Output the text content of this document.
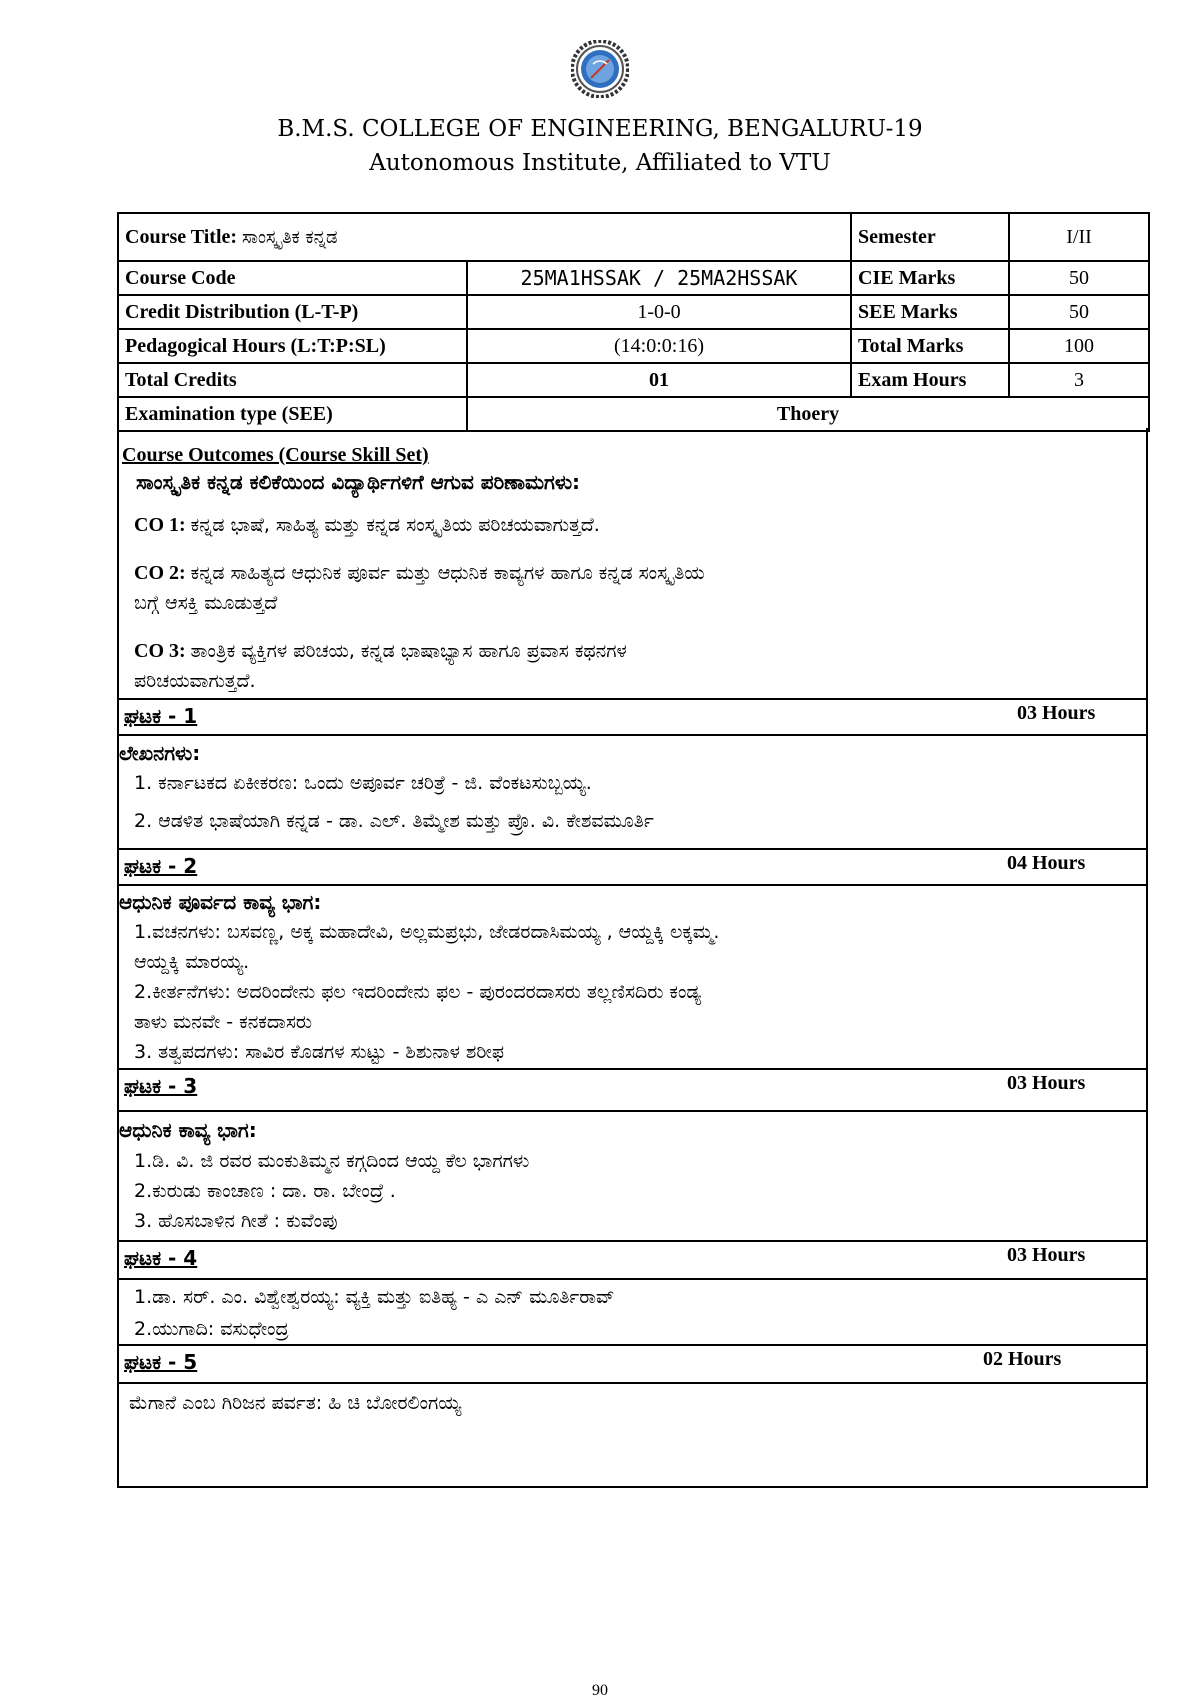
B.M.S. COLLEGE OF ENGINEERING, BENGALURU-19
Autonomous Institute, Affiliated to VTU
Course Title: ಸಾಂಸ್ಕೃತಿಕ ಕನ್ನಡ		Semester	I/II
Course Code	25MA1HSSAK / 25MA2HSSAK	CIE Marks	50
Credit Distribution (L-T-P)	1-0-0	SEE Marks	50
Pedagogical Hours (L:T:P:SL)	(14:0:0:16)	Total Marks	100
Total Credits	01	Exam Hours	3
Examination type (SEE)	Thoery		
Course Outcomes (Course Skill Set)
ಸಾಂಸ್ಕೃತಿಕ ಕನ್ನಡ ಕಲಿಕೆಯಿಂದ ವಿದ್ಯಾರ್ಥಿಗಳಿಗೆ ಆಗುವ ಪರಿಣಾಮಗಳು:
CO 1: ಕನ್ನಡ ಭಾಷೆ, ಸಾಹಿತ್ಯ ಮತ್ತು ಕನ್ನಡ ಸಂಸ್ಕೃತಿಯ ಪರಿಚಯವಾಗುತ್ತದೆ.
CO 2: ಕನ್ನಡ ಸಾಹಿತ್ಯದ ಆಧುನಿಕ ಪೂರ್ವ ಮತ್ತು ಆಧುನಿಕ ಕಾವ್ಯಗಳ ಹಾಗೂ ಕನ್ನಡ ಸಂಸ್ಕೃತಿಯ
ಬಗ್ಗೆ ಆಸಕ್ತಿ ಮೂಡುತ್ತದೆ
CO 3: ತಾಂತ್ರಿಕ ವ್ಯಕ್ತಿಗಳ ಪರಿಚಯ, ಕನ್ನಡ ಭಾಷಾಭ್ಯಾಸ ಹಾಗೂ ಪ್ರವಾಸ ಕಥನಗಳ
ಪರಿಚಯವಾಗುತ್ತದೆ.
ಘಟಕ - 1	03 Hours
ಲೇಖನಗಳು:
1. ಕರ್ನಾಟಕದ ಏಕೀಕರಣ: ಒಂದು ಅಪೂರ್ವ ಚರಿತ್ರೆ - ಜಿ. ವೆಂಕಟಸುಬ್ಬಯ್ಯ.
2. ಆಡಳಿತ ಭಾಷೆಯಾಗಿ ಕನ್ನಡ - ಡಾ. ಎಲ್. ತಿಮ್ಮೇಶ ಮತ್ತು ಪ್ರೊ. ವಿ. ಕೇಶವಮೂರ್ತಿ
ಘಟಕ - 2	04 Hours
ಆಧುನಿಕ ಪೂರ್ವದ ಕಾವ್ಯ ಭಾಗ:
1.ವಚನಗಳು: ಬಸವಣ್ಣ, ಅಕ್ಕ ಮಹಾದೇವಿ, ಅಲ್ಲಮಪ್ರಭು, ಜೇಡರದಾಸಿಮಯ್ಯ , ಆಯ್ದಕ್ಕಿ ಲಕ್ಕಮ್ಮ.
ಆಯ್ದಕ್ಕಿ ಮಾರಯ್ಯ.
2.ಕೀರ್ತನೆಗಳು: ಅದರಿಂದೇನು ಫಲ ಇದರಿಂದೇನು ಫಲ - ಪುರಂದರದಾಸರು ತಲ್ಲಣಿಸದಿರು ಕಂಡ್ಯ
ತಾಳು ಮನವೇ - ಕನಕದಾಸರು
3. ತತ್ವಪದಗಳು: ಸಾವಿರ ಕೊಡಗಳ ಸುಟ್ಟು - ಶಿಶುನಾಳ ಶರೀಫ
ಘಟಕ - 3	03 Hours
ಆಧುನಿಕ ಕಾವ್ಯ ಭಾಗ:
1.ಡಿ. ವಿ. ಜಿ ರವರ ಮಂಕುತಿಮ್ಮನ ಕಗ್ಗದಿಂದ ಆಯ್ದ ಕೆಲ ಭಾಗಗಳು
2.ಕುರುಡು ಕಾಂಚಾಣ : ದಾ. ರಾ. ಬೇಂದ್ರೆ .
3. ಹೊಸಬಾಳಿನ ಗೀತೆ : ಕುವೆಂಪು
ಘಟಕ - 4	03 Hours
1.ಡಾ. ಸರ್. ಎಂ. ವಿಶ್ವೇಶ್ವರಯ್ಯ: ವ್ಯಕ್ತಿ ಮತ್ತು ಐತಿಹ್ಯ - ಎ ಎನ್ ಮೂರ್ತಿರಾವ್
2.ಯುಗಾದಿ: ವಸುಧೇಂದ್ರ
ಘಟಕ - 5	02 Hours
ಮೆಗಾನೆ ಎಂಬ ಗಿರಿಜನ ಪರ್ವತ: ಹಿ ಚಿ ಬೋರಲಿಂಗಯ್ಯ
90
